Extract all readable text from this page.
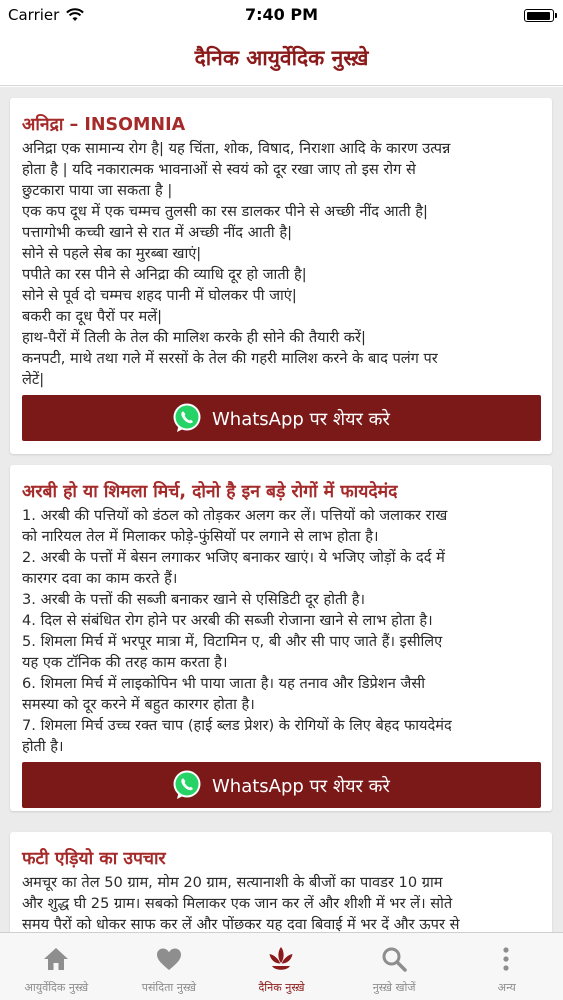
Carrier	7:40 PM
दैनिक आयुर्वेदिक नुस्ख़े
अनिद्रा – INSOMNIA

अनिद्रा एक सामान्य रोग है| यह चिंता, शोक, विषाद, निराशा आदि के कारण उत्पन्न

होता है | यदि नकारात्मक भावनाओं से स्वयं को दूर रखा जाए तो इस रोग से

छुटकारा पाया जा सकता है |

एक कप दूध में एक चम्मच तुलसी का रस डालकर पीने से अच्छी नींद आती है|

पत्तागोभी कच्ची खाने से रात में अच्छी नींद आती है|

सोने से पहले सेब का मुरब्बा खाएं|

पपीते का रस पीने से अनिद्रा की व्याधि दूर हो जाती है|

सोने से पूर्व दो चम्मच शहद पानी में घोलकर पी जाएं|

बकरी का दूध पैरों पर मलें|

हाथ-पैरों में तिली के तेल की मालिश करके ही सोने की तैयारी करें|

कनपटी, माथे तथा गले में सरसों के तेल की गहरी मालिश करने के बाद पलंग पर

लेटें|

WhatsApp पर शेयर करे
अरबी हो या शिमला मिर्च, दोनो है इन बड़े रोगों में फायदेमंद

1. अरबी की पत्तियों को डंठल को तोड़कर अलग कर लें। पत्तियों को जलाकर राख

को नारियल तेल में मिलाकर फोड़े-फुंसियों पर लगाने से लाभ होता है।

2. अरबी के पत्तों में बेसन लगाकर भजिए बनाकर खाएं। ये भजिए जोड़ों के दर्द में

कारगर दवा का काम करते हैं।

3. अरबी के पत्तों की सब्जी बनाकर खाने से एसिडिटी दूर होती है।

4. दिल से संबंधित रोग होने पर अरबी की सब्जी रोजाना खाने से लाभ होता है।

5. शिमला मिर्च में भरपूर मात्रा में, विटामिन ए, बी और सी पाए जाते हैं। इसीलिए

यह एक टॉनिक की तरह काम करता है।

6. शिमला मिर्च में लाइकोपिन भी पाया जाता है। यह तनाव और डिप्रेशन जैसी

समस्या को दूर करने में बहुत कारगर होता है।

7. शिमला मिर्च उच्च रक्त चाप (हाई ब्लड प्रेशर) के रोगियों के लिए बेहद फायदेमंद

होती है।

WhatsApp पर शेयर करे
फटी एड़ियो का उपचार

अमचूर का तेल 50 ग्राम, मोम 20 ग्राम, सत्यानाशी के बीजों का पावडर 10 ग्राम

और शुद्ध घी 25 ग्राम। सबको मिलाकर एक जान कर लें और शीशी में भर लें। सोते

समय पैरों को धोकर साफ कर लें और पोंछकर यह दवा बिवाई में भर दें और ऊपर से

आयुर्वेदिक नुस्ख़े	पसंदिता नुस्ख़े	दैनिक नुस्ख़े	नुस्ख़े खोजें	अन्य
